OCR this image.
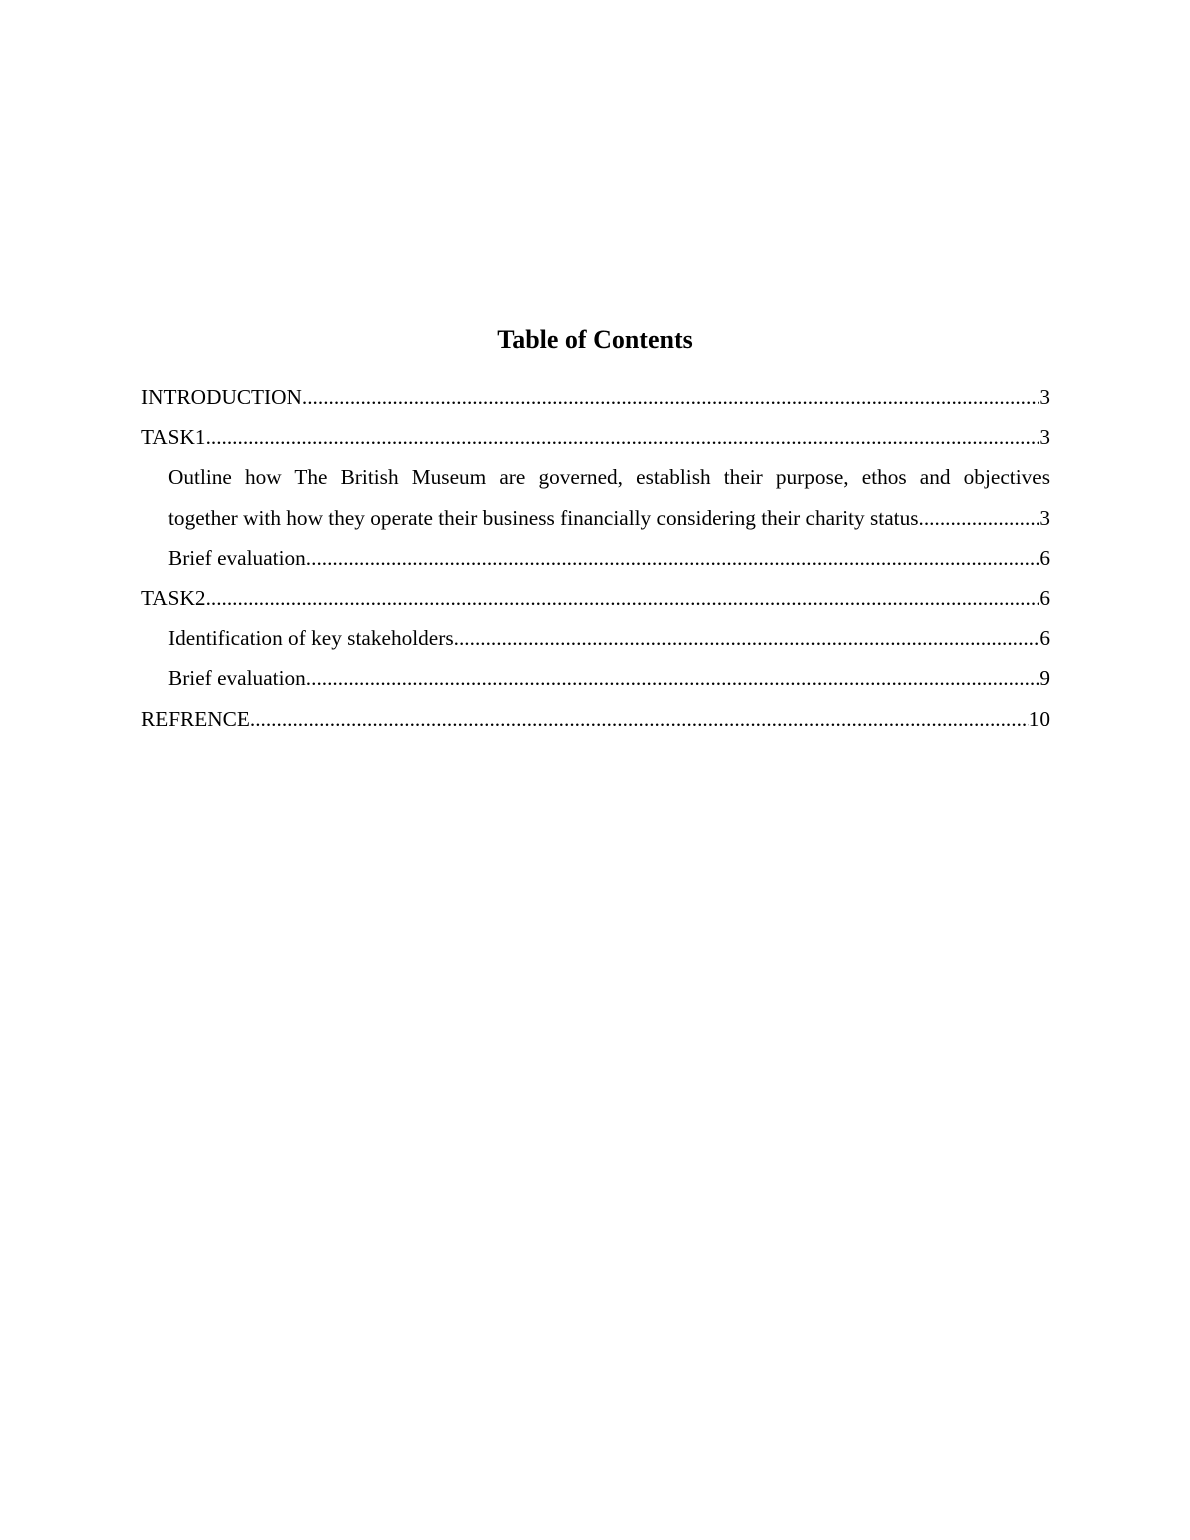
Table of Contents
INTRODUCTION .....	3
TASK1 .....	3
Outline how The British Museum are governed, establish their purpose, ethos and objectives
together with how they operate their business financially considering their charity status .....	3
Brief evaluation .....	6
TASK2 .....	6
Identification of key stakeholders .....	6
Brief evaluation .....	9
REFRENCE .....	10
